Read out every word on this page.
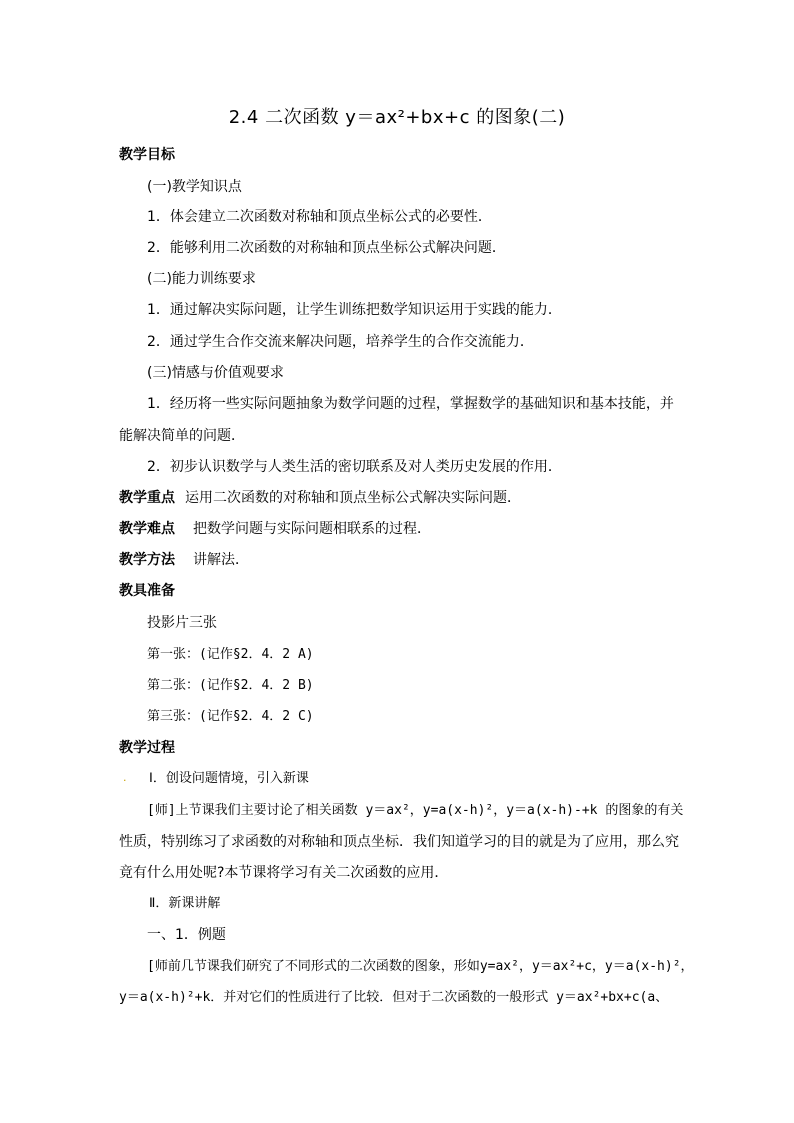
2.4 二次函数 y＝ax²+bx+c 的图象(二)
教学目标
(一)教学知识点
1．体会建立二次函数对称轴和顶点坐标公式的必要性．
2．能够利用二次函数的对称轴和顶点坐标公式解决问题．
(二)能力训练要求
1．通过解决实际问题，让学生训练把数学知识运用于实践的能力．
2．通过学生合作交流来解决问题，培养学生的合作交流能力．
(三)情感与价值观要求
1．经历将一些实际问题抽象为数学问题的过程，掌握数学的基础知识和基本技能，并
能解决简单的问题．
2．初步认识数学与人类生活的密切联系及对人类历史发展的作用．
教学重点 运用二次函数的对称轴和顶点坐标公式解决实际问题．
教学难点 把数学问题与实际问题相联系的过程．
教学方法 讲解法．
教具准备
投影片三张
第一张：(记作§2．4．2 A)
第二张：(记作§2．4．2 B)
第三张：(记作§2．4．2 C)
教学过程
. Ⅰ．创设问题情境，引入新课
[师]上节课我们主要讨论了相关函数 y＝ax²，y=a(x-h)²，y＝a(x-h)-+k 的图象的有关
性质，特别练习了求函数的对称轴和顶点坐标．我们知道学习的目的就是为了应用，那么究
竟有什么用处呢?本节课将学习有关二次函数的应用．
Ⅱ．新课讲解
一、1．例题
[师前几节课我们研究了不同形式的二次函数的图象，形如y=ax²，y＝ax²+c，y＝a(x-h)²，
y＝a(x-h)²+k．并对它们的性质进行了比较．但对于二次函数的一般形式 y＝ax²+bx+c(a、
